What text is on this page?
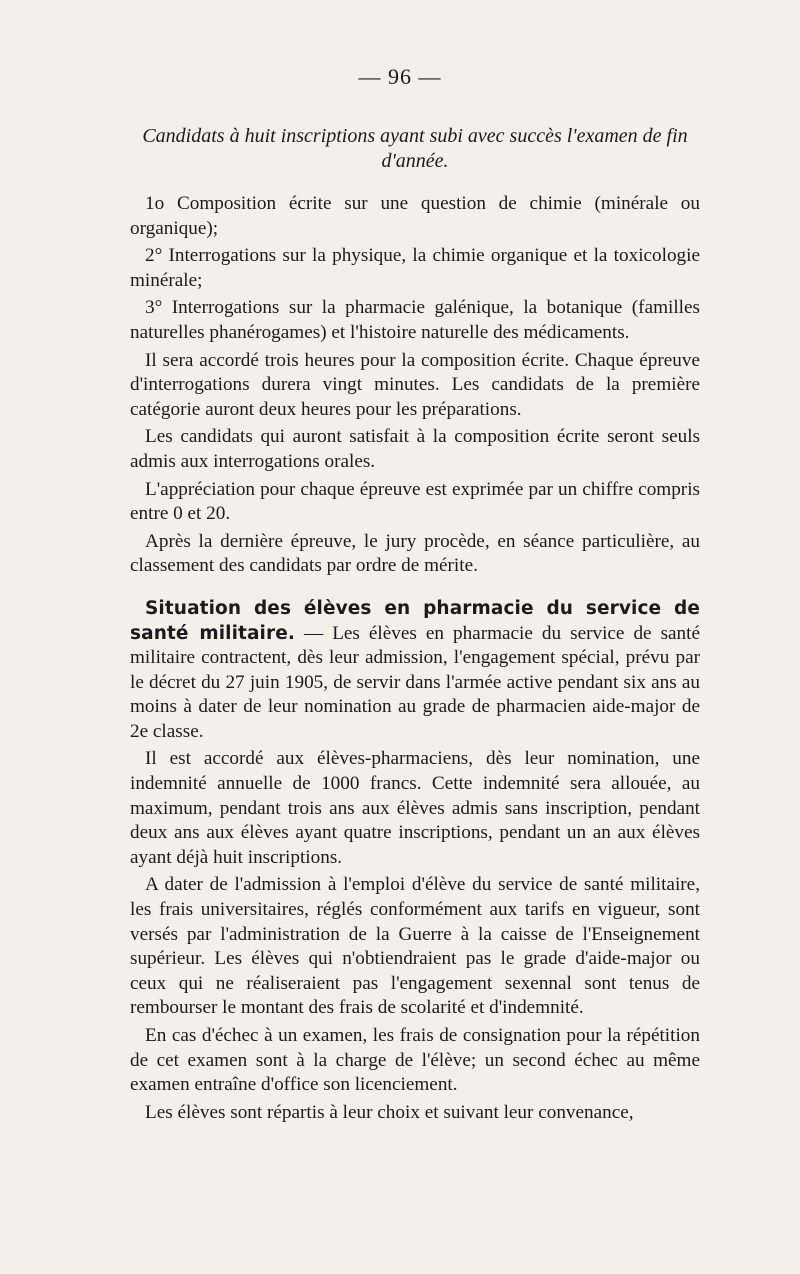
— 96 —
Candidats à huit inscriptions ayant subi avec succès l'examen de fin d'année.

1o Composition écrite sur une question de chimie (minérale ou organique);

2° Interrogations sur la physique, la chimie organique et la toxicologie minérale;

3° Interrogations sur la pharmacie galénique, la botanique (familles naturelles phanérogames) et l'histoire naturelle des médicaments.

Il sera accordé trois heures pour la composition écrite. Chaque épreuve d'interrogations durera vingt minutes. Les candidats de la première catégorie auront deux heures pour les préparations.

Les candidats qui auront satisfait à la composition écrite seront seuls admis aux interrogations orales.

L'appréciation pour chaque épreuve est exprimée par un chiffre compris entre 0 et 20.

Après la dernière épreuve, le jury procède, en séance particulière, au classement des candidats par ordre de mérite.

Situation des élèves en pharmacie du service de santé militaire. — Les élèves en pharmacie du service de santé militaire contractent, dès leur admission, l'engagement spécial, prévu par le décret du 27 juin 1905, de servir dans l'armée active pendant six ans au moins à dater de leur nomination au grade de pharmacien aide-major de 2e classe.

Il est accordé aux élèves-pharmaciens, dès leur nomination, une indemnité annuelle de 1000 francs. Cette indemnité sera allouée, au maximum, pendant trois ans aux élèves admis sans inscription, pendant deux ans aux élèves ayant quatre inscriptions, pendant un an aux élèves ayant déjà huit inscriptions.

A dater de l'admission à l'emploi d'élève du service de santé militaire, les frais universitaires, réglés conformément aux tarifs en vigueur, sont versés par l'administration de la Guerre à la caisse de l'Enseignement supérieur. Les élèves qui n'obtiendraient pas le grade d'aide-major ou ceux qui ne réaliseraient pas l'engagement sexennal sont tenus de rembourser le montant des frais de scolarité et d'indemnité.

En cas d'échec à un examen, les frais de consignation pour la répétition de cet examen sont à la charge de l'élève; un second échec au même examen entraîne d'office son licenciement.

Les élèves sont répartis à leur choix et suivant leur convenance,
